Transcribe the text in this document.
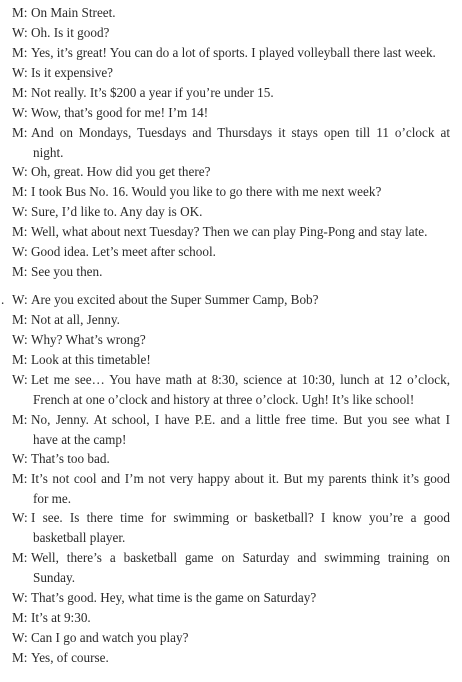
M: On Main Street.
W: Oh. Is it good?
M: Yes, it’s great! You can do a lot of sports. I played volleyball there last week.
W: Is it expensive?
M: Not really. It’s $200 a year if you’re under 15.
W: Wow, that’s good for me! I’m 14!
M: And on Mondays, Tuesdays and Thursdays it stays open till 11 o’clock at
night.
W: Oh, great. How did you get there?
M: I took Bus No. 16. Would you like to go there with me next week?
W: Sure, I’d like to. Any day is OK.
M: Well, what about next Tuesday? Then we can play Ping-Pong and stay late.
W: Good idea. Let’s meet after school.
M: See you then.
. W: Are you excited about the Super Summer Camp, Bob?
M: Not at all, Jenny.
W: Why? What’s wrong?
M: Look at this timetable!
W: Let me see… You have math at 8:30, science at 10:30, lunch at 12 o’clock,
French at one o’clock and history at three o’clock. Ugh! It’s like school!
M: No, Jenny. At school, I have P.E. and a little free time. But you see what I
have at the camp!
W: That’s too bad.
M: It’s not cool and I’m not very happy about it. But my parents think it’s good
for me.
W: I see. Is there time for swimming or basketball? I know you’re a good
basketball player.
M: Well, there’s a basketball game on Saturday and swimming training on
Sunday.
W: That’s good. Hey, what time is the game on Saturday?
M: It’s at 9:30.
W: Can I go and watch you play?
M: Yes, of course.
